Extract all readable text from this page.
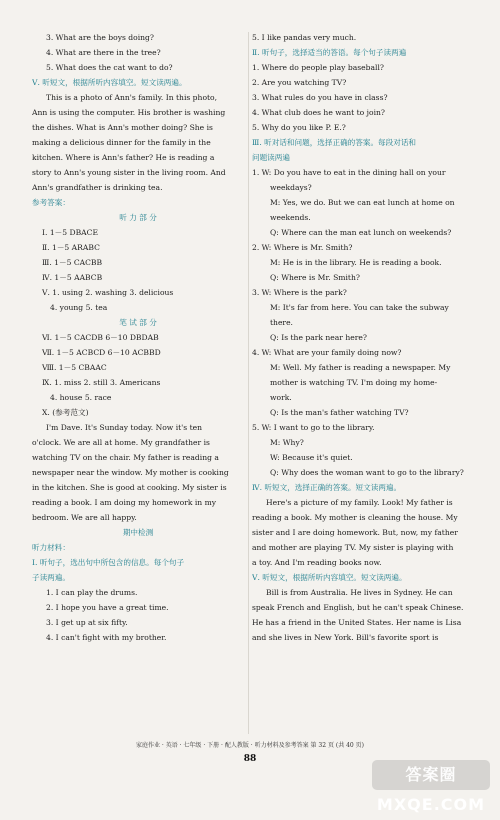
3. What are the boys doing?
4. What are there in the tree?
5. What does the cat want to do?
Ⅴ. 听短文，根据所听内容填空。短文读两遍。
This is a photo of Ann's family. In this photo,
Ann is using the computer. His brother is washing
the dishes. What is Ann's mother doing? She is
making a delicious dinner for the family in the
kitchen. Where is Ann's father? He is reading a
story to Ann's young sister in the living room. And
Ann's grandfather is drinking tea.
参考答案：
听 力 部 分
Ⅰ. 1－5 DBACE
Ⅱ. 1－5 ARABC
Ⅲ. 1－5 CACBB
Ⅳ. 1－5 AABCB
Ⅴ. 1. using 2. washing 3. delicious
4. young 5. tea
笔 试 部 分
Ⅵ. 1－5 CACDB 6－10 DBDAB
Ⅶ. 1－5 ACBCD 6－10 ACBBD
Ⅷ. 1－5 CBAAC
Ⅸ. 1. miss 2. still 3. Americans
4. house 5. race
Ⅹ. (参考范文)
I'm Dave. It's Sunday today. Now it's ten
o'clock. We are all at home. My grandfather is
watching TV on the chair. My father is reading a
newspaper near the window. My mother is cooking
in the kitchen. She is good at cooking. My sister is
reading a book. I am doing my homework in my
bedroom. We are all happy.
期中检测
听力材料：
Ⅰ. 听句子，选出句中所包含的信息。每个句子
子读两遍。
1. I can play the drums.
2. I hope you have a great time.
3. I get up at six fifty.
4. I can't fight with my brother.
5. I like pandas very much.
Ⅱ. 听句子，选择适当的答语。每个句子读两遍
1. Where do people play baseball?
2. Are you watching TV?
3. What rules do you have in class?
4. What club does he want to join?
5. Why do you like P. E.?
Ⅲ. 听对话和问题，选择正确的答案。每段对话和
问题读两遍
1. W: Do you have to eat in the dining hall on your
weekdays?
M: Yes, we do. But we can eat lunch at home on
weekends.
Q: Where can the man eat lunch on weekends?
2. W: Where is Mr. Smith?
M: He is in the library. He is reading a book.
Q: Where is Mr. Smith?
3. W: Where is the park?
M: It's far from here. You can take the subway
there.
Q: Is the park near here?
4. W: What are your family doing now?
M: Well. My father is reading a newspaper. My
mother is watching TV. I'm doing my home-
work.
Q: Is the man's father watching TV?
5. W: I want to go to the library.
M: Why?
W: Because it's quiet.
Q: Why does the woman want to go to the library?
Ⅳ. 听短文，选择正确的答案。短文读两遍。
Here's a picture of my family. Look! My father is
reading a book. My mother is cleaning the house. My
sister and I are doing homework. But, now, my father
and mother are playing TV. My sister is playing with
a toy. And I'm reading books now.
Ⅴ. 听短文，根据所听内容填空。短文读两遍。
Bill is from Australia. He lives in Sydney. He can
speak French and English, but he can't speak Chinese.
He has a friend in the United States. Her name is Lisa
and she lives in New York. Bill's favorite sport is
家庭作业 · 英语 · 七年级 · 下册 · 配人教版 · 听力材料及参考答案 第 32 页 (共 40 页)
88
答案圈 MXQE.COM
